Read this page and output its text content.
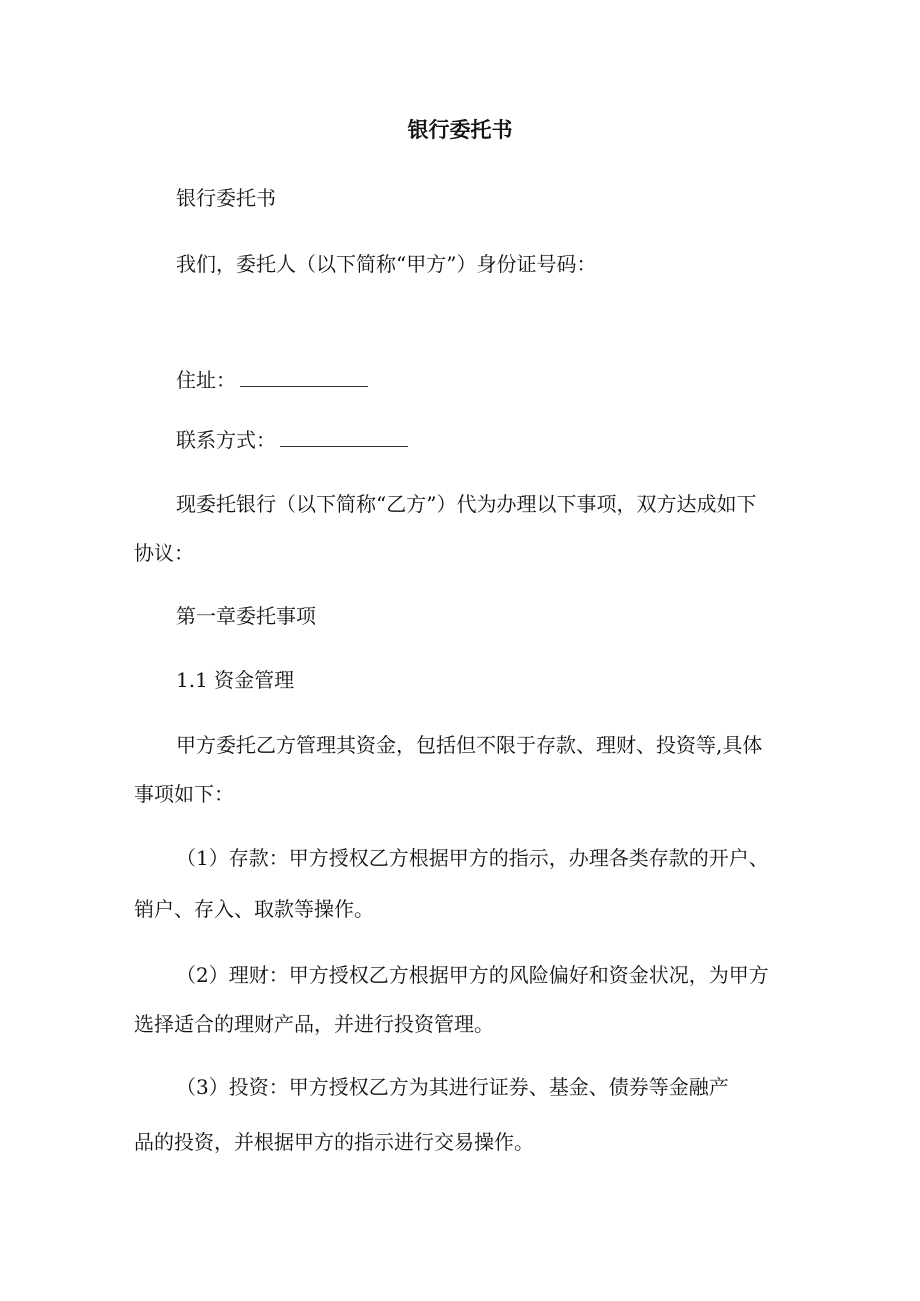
银行委托书
银行委托书
我们，委托人（以下简称“甲方”）身份证号码：
住址：
联系方式：
现委托银行（以下简称“乙方”）代为办理以下事项，双方达成如下
协议：
第一章委托事项
1.1 资金管理
甲方委托乙方管理其资金，包括但不限于存款、理财、投资等,具体
事项如下：
（1）存款：甲方授权乙方根据甲方的指示，办理各类存款的开户、
销户、存入、取款等操作。
（2）理财：甲方授权乙方根据甲方的风险偏好和资金状况，为甲方
选择适合的理财产品，并进行投资管理。
（3）投资：甲方授权乙方为其进行证券、基金、债券等金融产
品的投资，并根据甲方的指示进行交易操作。
